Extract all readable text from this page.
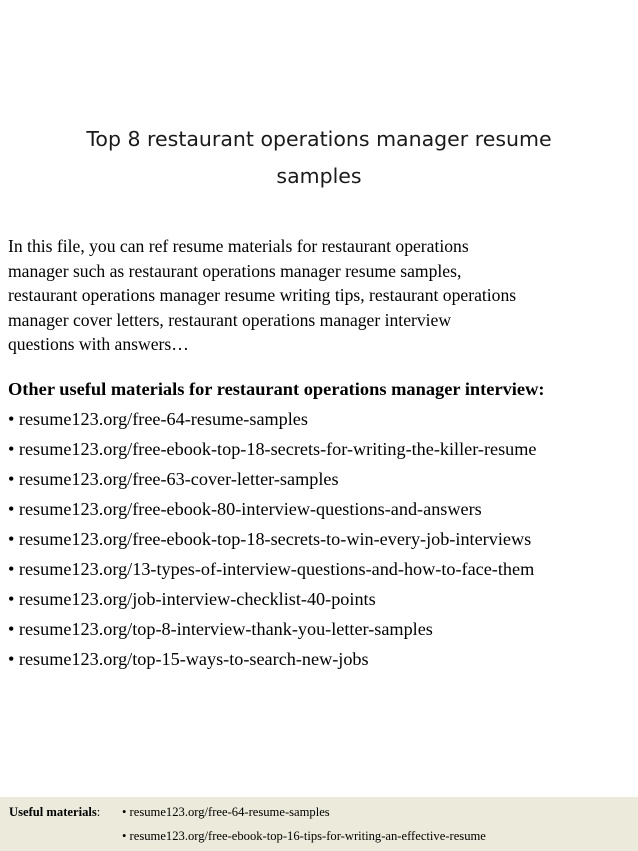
Top 8 restaurant operations manager resume
samples
In this file, you can ref resume materials for restaurant operations
manager such as restaurant operations manager resume samples,
restaurant operations manager resume writing tips, restaurant operations
manager cover letters, restaurant operations manager interview
questions with answers…
Other useful materials for restaurant operations manager interview:
• resume123.org/free-64-resume-samples
• resume123.org/free-ebook-top-18-secrets-for-writing-the-killer-resume
• resume123.org/free-63-cover-letter-samples
• resume123.org/free-ebook-80-interview-questions-and-answers
• resume123.org/free-ebook-top-18-secrets-to-win-every-job-interviews
• resume123.org/13-types-of-interview-questions-and-how-to-face-them
• resume123.org/job-interview-checklist-40-points
• resume123.org/top-8-interview-thank-you-letter-samples
• resume123.org/top-15-ways-to-search-new-jobs
Useful materials: • resume123.org/free-64-resume-samples
• resume123.org/free-ebook-top-16-tips-for-writing-an-effective-resume
